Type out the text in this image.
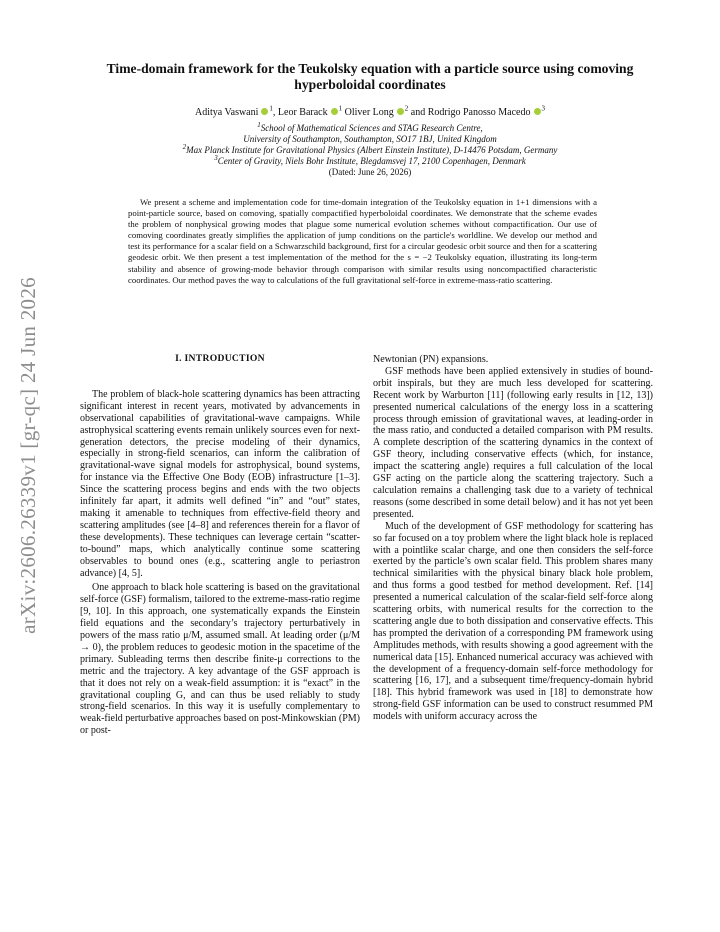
arXiv:2606.26339v1 [gr-qc] 24 Jun 2026
Time-domain framework for the Teukolsky equation with a particle source using comoving hyperboloidal coordinates
Aditya Vaswani $^1$, Leor Barack $^1$ Oliver Long $^2$ and Rodrigo Panosso Macedo $^3$
$^1$School of Mathematical Sciences and STAG Research Centre,
University of Southampton, Southampton, SO17 1BJ, United Kingdom
$^2$Max Planck Institute for Gravitational Physics (Albert Einstein Institute), D-14476 Potsdam, Germany
$^3$Center of Gravity, Niels Bohr Institute, Blegdamsvej 17, 2100 Copenhagen, Denmark
(Dated: June 26, 2026)
We present a scheme and implementation code for time-domain integration of the Teukolsky equation in 1+1 dimensions with a point-particle source, based on comoving, spatially compactified hyperboloidal coordinates. We demonstrate that the scheme evades the problem of nonphysical growing modes that plague some numerical evolution schemes without compactification. Our use of comoving coordinates greatly simplifies the application of jump conditions on the particle's worldline. We develop our method and test its performance for a scalar field on a Schwarzschild background, first for a circular geodesic orbit source and then for a scattering geodesic orbit. We then present a test implementation of the method for the s = −2 Teukolsky equation, illustrating its long-term stability and absence of growing-mode behavior through comparison with similar results using noncompactified characteristic coordinates. Our method paves the way to calculations of the full gravitational self-force in extreme-mass-ratio scattering.
I. INTRODUCTION

The problem of black-hole scattering dynamics has been attracting significant interest in recent years, motivated by advancements in observational capabilities of gravitational-wave campaigns. While astrophysical scattering events remain unlikely sources even for next-generation detectors, the precise modeling of their dynamics, especially in strong-field scenarios, can inform the calibration of gravitational-wave signal models for astrophysical, bound systems, for instance via the Effective One Body (EOB) infrastructure [1–3]. Since the scattering process begins and ends with the two objects infinitely far apart, it admits well defined “in” and “out” states, making it amenable to techniques from effective-field theory and scattering amplitudes (see [4–8] and references therein for a flavor of these developments). These techniques can leverage certain “scatter-to-bound” maps, which analytically continue some scattering observables to bound ones (e.g., scattering angle to periastron advance) [4, 5].

One approach to black hole scattering is based on the gravitational self-force (GSF) formalism, tailored to the extreme-mass-ratio regime [9, 10]. In this approach, one systematically expands the Einstein field equations and the secondary’s trajectory perturbatively in powers of the mass ratio μ/M, assumed small. At leading order (μ/M → 0), the problem reduces to geodesic motion in the spacetime of the primary. Subleading terms then describe finite-μ corrections to the metric and the trajectory. A key advantage of the GSF approach is that it does not rely on a weak-field assumption: it is “exact” in the gravitational coupling G, and can thus be used reliably to study strong-field scenarios. In this way it is usefully complementary to weak-field perturbative approaches based on post-Minkowskian (PM) or post-

Newtonian (PN) expansions.

GSF methods have been applied extensively in studies of bound-orbit inspirals, but they are much less developed for scattering. Recent work by Warburton [11] (following early results in [12, 13]) presented numerical calculations of the energy loss in a scattering process through emission of gravitational waves, at leading-order in the mass ratio, and conducted a detailed comparison with PM results. A complete description of the scattering dynamics in the context of GSF theory, including conservative effects (which, for instance, impact the scattering angle) requires a full calculation of the local GSF acting on the particle along the scattering trajectory. Such a calculation remains a challenging task due to a variety of technical reasons (some described in some detail below) and it has not yet been presented.

Much of the development of GSF methodology for scattering has so far focused on a toy problem where the light black hole is replaced with a pointlike scalar charge, and one then considers the self-force exerted by the particle’s own scalar field. This problem shares many technical similarities with the physical binary black hole problem, and thus forms a good testbed for method development. Ref. [14] presented a numerical calculation of the scalar-field self-force along scattering orbits, with numerical results for the correction to the scattering angle due to both dissipation and conservative effects. This has prompted the derivation of a corresponding PM framework using Amplitudes methods, with results showing a good agreement with the numerical data [15]. Enhanced numerical accuracy was achieved with the development of a frequency-domain self-force methodology for scattering [16, 17], and a subsequent time/frequency-domain hybrid [18]. This hybrid framework was used in [18] to demonstrate how strong-field GSF information can be used to construct resummed PM models with uniform accuracy across the
